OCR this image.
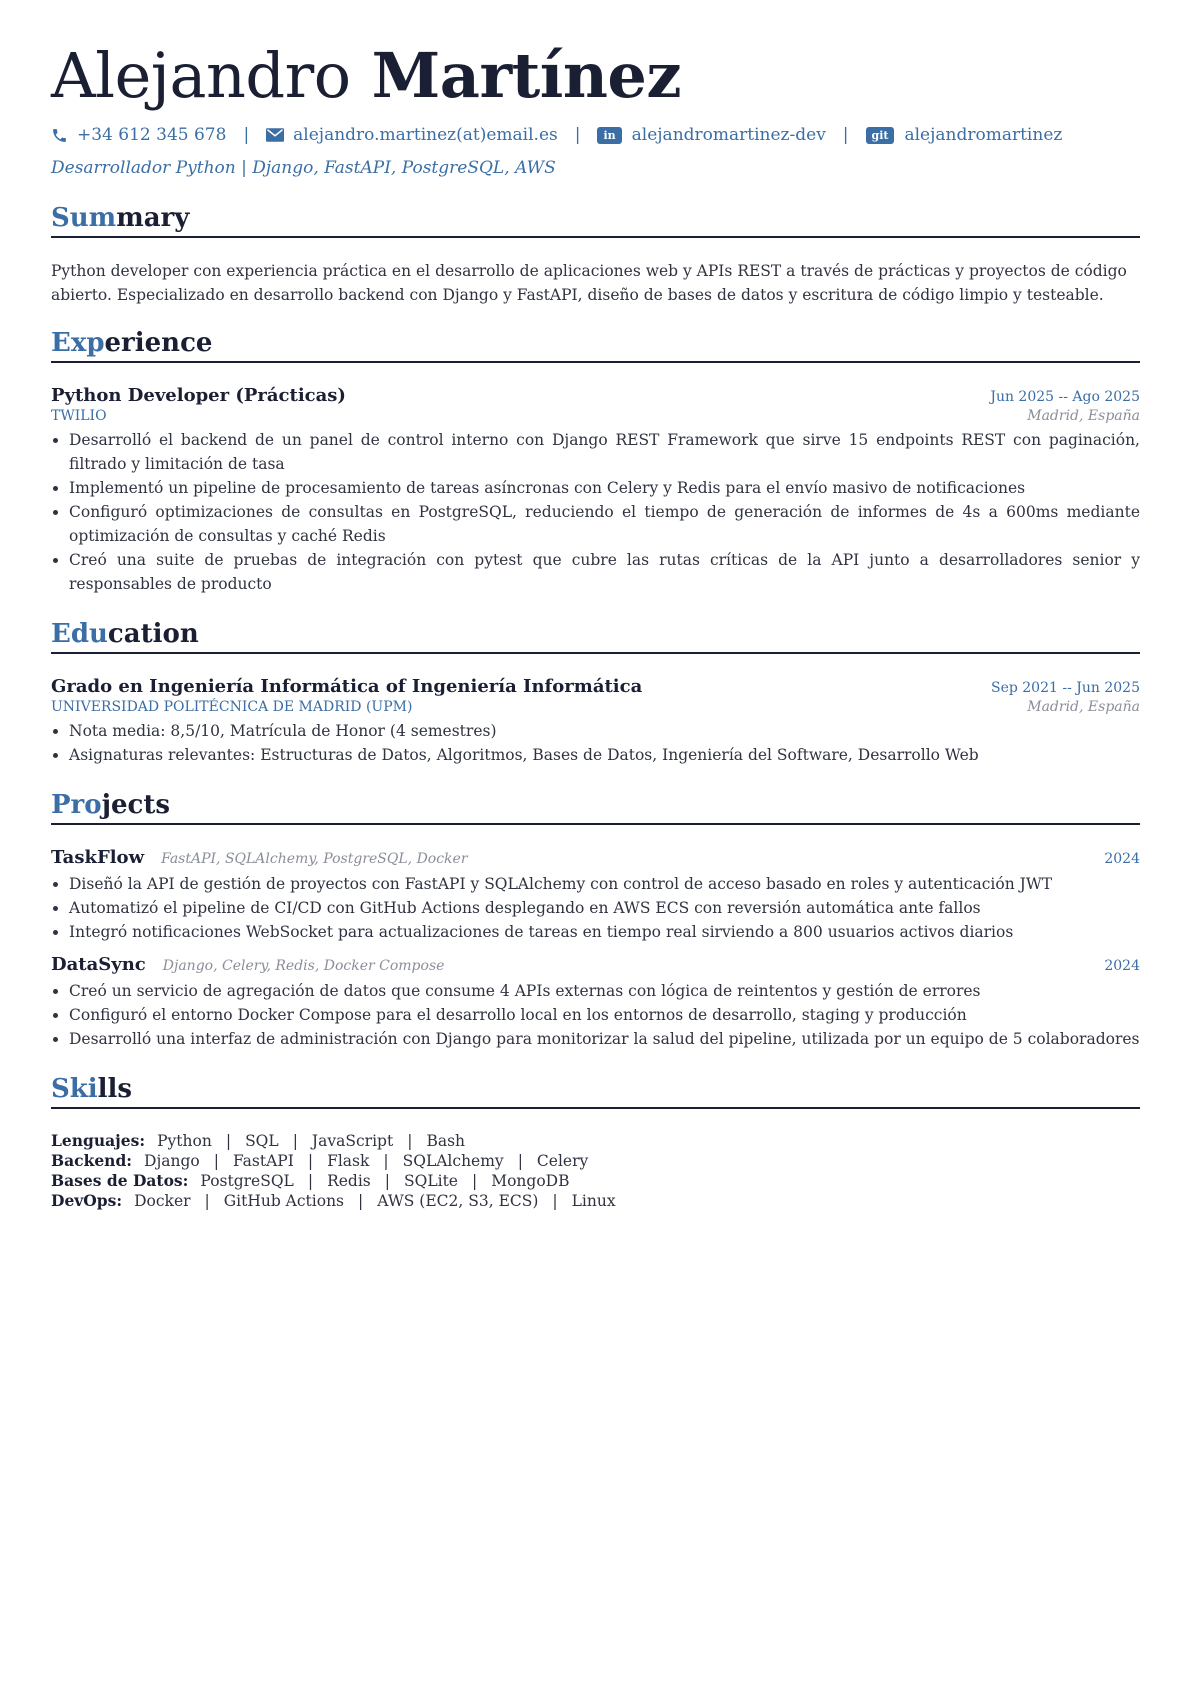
Alejandro Martínez
+34 612 345 678 |	alejandro.martinez(at)email.es |	in alejandromartinez-dev |	git alejandromartinez
Desarrollador Python | Django, FastAPI, PostgreSQL, AWS
Summary

Python developer con experiencia práctica en el desarrollo de aplicaciones web y APIs REST a través de prácticas y proyectos de código abierto. Especializado en desarrollo backend con Django y FastAPI, diseño de bases de datos y escritura de código limpio y testeable.

Experience
Python Developer (Prácticas)	Jun 2025 -- Ago 2025
TWILIO	Madrid, España
• Desarrolló el backend de un panel de control interno con Django REST Framework que sirve 15 endpoints REST con paginación, filtrado y limitación de tasa
• Implementó un pipeline de procesamiento de tareas asíncronas con Celery y Redis para el envío masivo de notificaciones
• Configuró optimizaciones de consultas en PostgreSQL, reduciendo el tiempo de generación de informes de 4s a 600ms mediante optimización de consultas y caché Redis
• Creó una suite de pruebas de integración con pytest que cubre las rutas críticas de la API junto a desarrolladores senior y responsables de producto
Education
Grado en Ingeniería Informática of Ingeniería Informática	Sep 2021 -- Jun 2025
UNIVERSIDAD POLITÉCNICA DE MADRID (UPM)	Madrid, España
• Nota media: 8,5/10, Matrícula de Honor (4 semestres)
• Asignaturas relevantes: Estructuras de Datos, Algoritmos, Bases de Datos, Ingeniería del Software, Desarrollo Web
Projects
TaskFlow FastAPI, SQLAlchemy, PostgreSQL, Docker	2024
• Diseñó la API de gestión de proyectos con FastAPI y SQLAlchemy con control de acceso basado en roles y autenticación JWT
• Automatizó el pipeline de CI/CD con GitHub Actions desplegando en AWS ECS con reversión automática ante fallos
• Integró notificaciones WebSocket para actualizaciones de tareas en tiempo real sirviendo a 800 usuarios activos diarios
DataSync Django, Celery, Redis, Docker Compose	2024
• Creó un servicio de agregación de datos que consume 4 APIs externas con lógica de reintentos y gestión de errores
• Configuró el entorno Docker Compose para el desarrollo local en los entornos de desarrollo, staging y producción
• Desarrolló una interfaz de administración con Django para monitorizar la salud del pipeline, utilizada por un equipo de 5 colaboradores
Skills
Lenguajes: Python	| SQL	| JavaScript	| Bash
Backend: Django	| FastAPI	| Flask	| SQLAlchemy	| Celery
Bases de Datos: PostgreSQL	| Redis	| SQLite	| MongoDB
DevOps: Docker	| GitHub Actions	| AWS (EC2, S3, ECS)	| Linux
